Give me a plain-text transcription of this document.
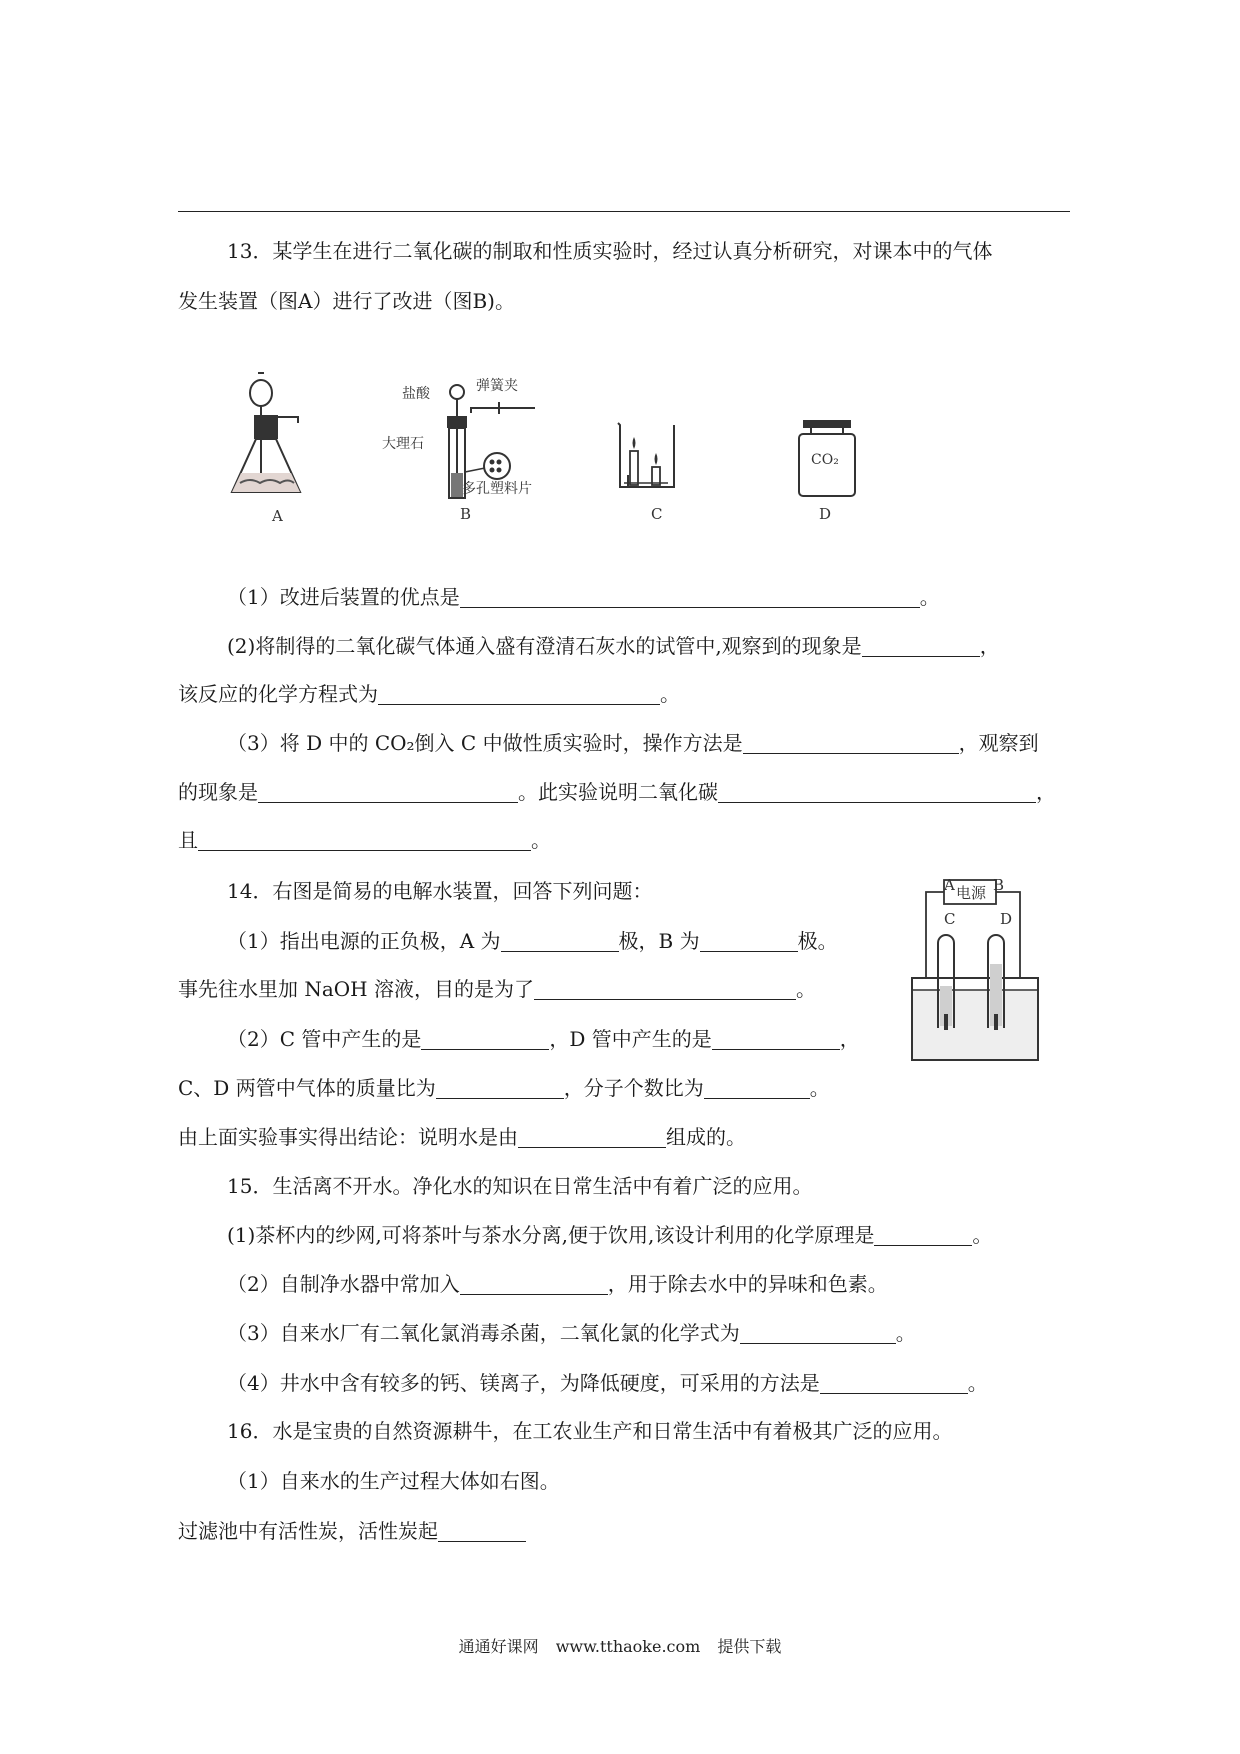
13．某学生在进行二氧化碳的制取和性质实验时，经过认真分析研究，对课本中的气体
发生装置（图A）进行了改进（图B)。
A
盐酸	弹簧夹
大理石
多孔塑料片
B	C
CO₂
D
（1）改进后装置的优点是	。
(2)将制得的二氧化碳气体通入盛有澄清石灰水的试管中,观察到的现象是	，
该反应的化学方程式为	。
（3）将 D 中的 CO₂倒入 C 中做性质实验时，操作方法是	，观察到
的现象是	。此实验说明二氧化碳	，
且	。
14．右图是简易的电解水装置，回答下列问题：	A 电源 B
C	D
（1）指出电源的正负极，A 为	极，B 为	极。
事先往水里加 NaOH 溶液，目的是为了	。
（2）C 管中产生的是	，D 管中产生的是	，
C、D 两管中气体的质量比为	，分子个数比为	。
由上面实验事实得出结论：说明水是由	组成的。
15．生活离不开水。净化水的知识在日常生活中有着广泛的应用。
(1)茶杯内的纱网,可将茶叶与茶水分离,便于饮用,该设计利用的化学原理是	。
（2）自制净水器中常加入	，用于除去水中的异味和色素。
（3）自来水厂有二氧化氯消毒杀菌，二氧化氯的化学式为	。
（4）井水中含有较多的钙、镁离子，为降低硬度，可采用的方法是	。
16．水是宝贵的自然资源耕牛，在工农业生产和日常生活中有着极其广泛的应用。
（1）自来水的生产过程大体如右图。
过滤池中有活性炭，活性炭起
通通好课网 www.tthaoke.com 提供下载
